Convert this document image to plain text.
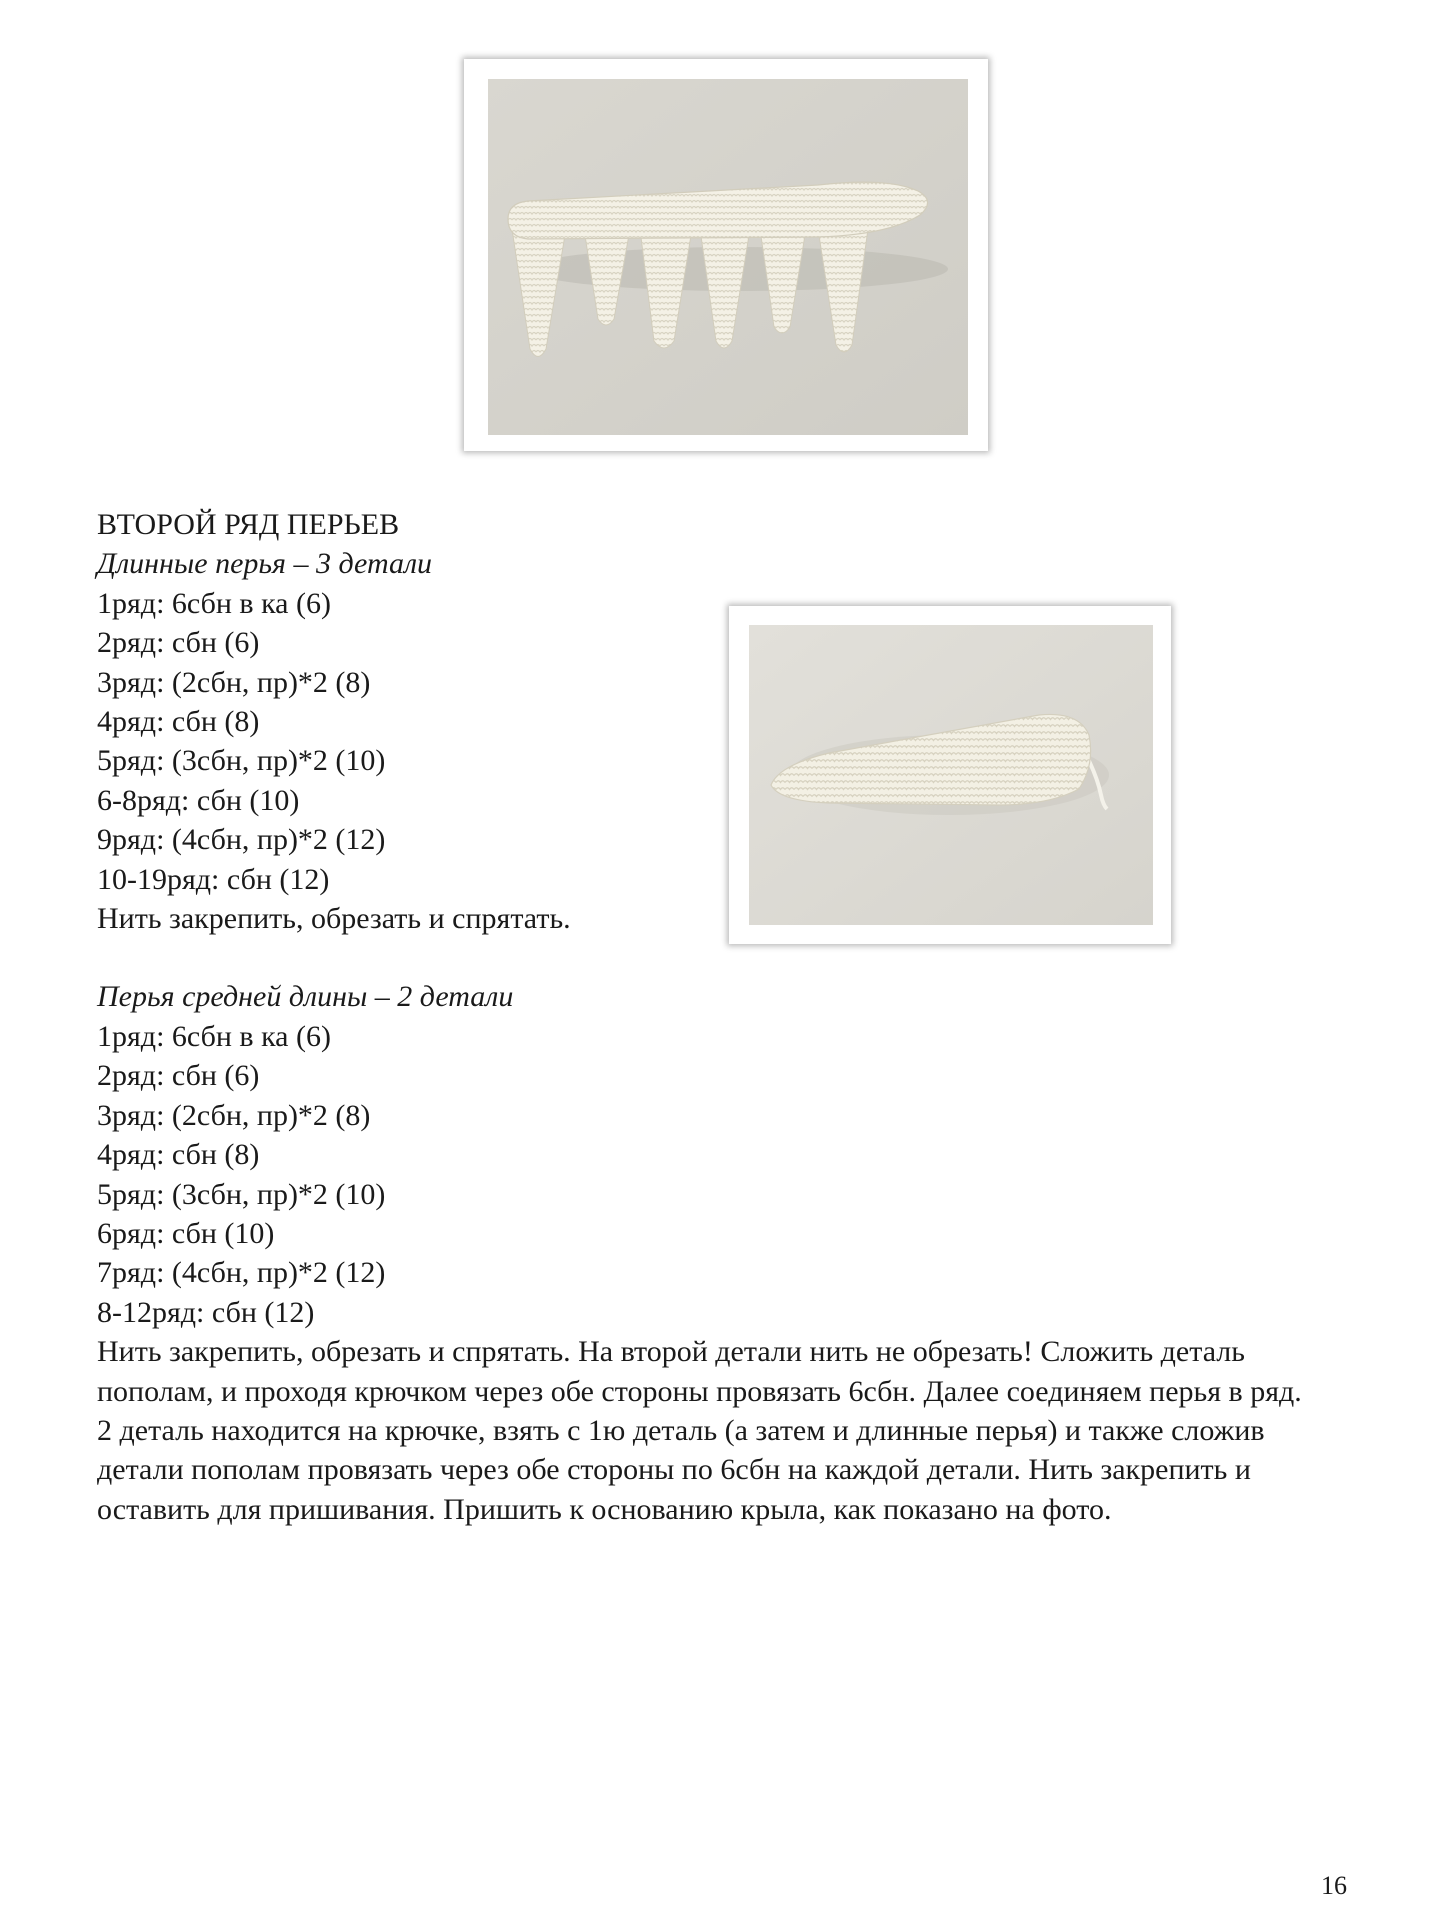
ВТОРОЙ РЯД ПЕРЬЕВ
Длинные перья – 3 детали
1ряд: 6сбн в ка (6)
2ряд: сбн (6)
3ряд: (2сбн, пр)*2 (8)
4ряд: сбн (8)
5ряд: (3сбн, пр)*2 (10)
6-8ряд: сбн (10)
9ряд: (4сбн, пр)*2 (12)
10-19ряд: сбн (12)
Нить закрепить, обрезать и спрятать.
Перья средней длины – 2 детали
1ряд: 6сбн в ка (6)
2ряд: сбн (6)
3ряд: (2сбн, пр)*2 (8)
4ряд: сбн (8)
5ряд: (3сбн, пр)*2 (10)
6ряд: сбн (10)
7ряд: (4сбн, пр)*2 (12)
8-12ряд: сбн (12)
Нить закрепить, обрезать и спрятать. На второй детали нить не обрезать! Сложить деталь пополам, и проходя крючком через обе стороны провязать 6сбн. Далее соединяем перья в ряд.
2 деталь находится на крючке, взять с 1ю деталь (а затем и длинные перья) и также сложив детали пополам провязать через обе стороны по 6сбн на каждой детали. Нить закрепить и оставить для пришивания. Пришить к основанию крыла, как показано на фото.
16
